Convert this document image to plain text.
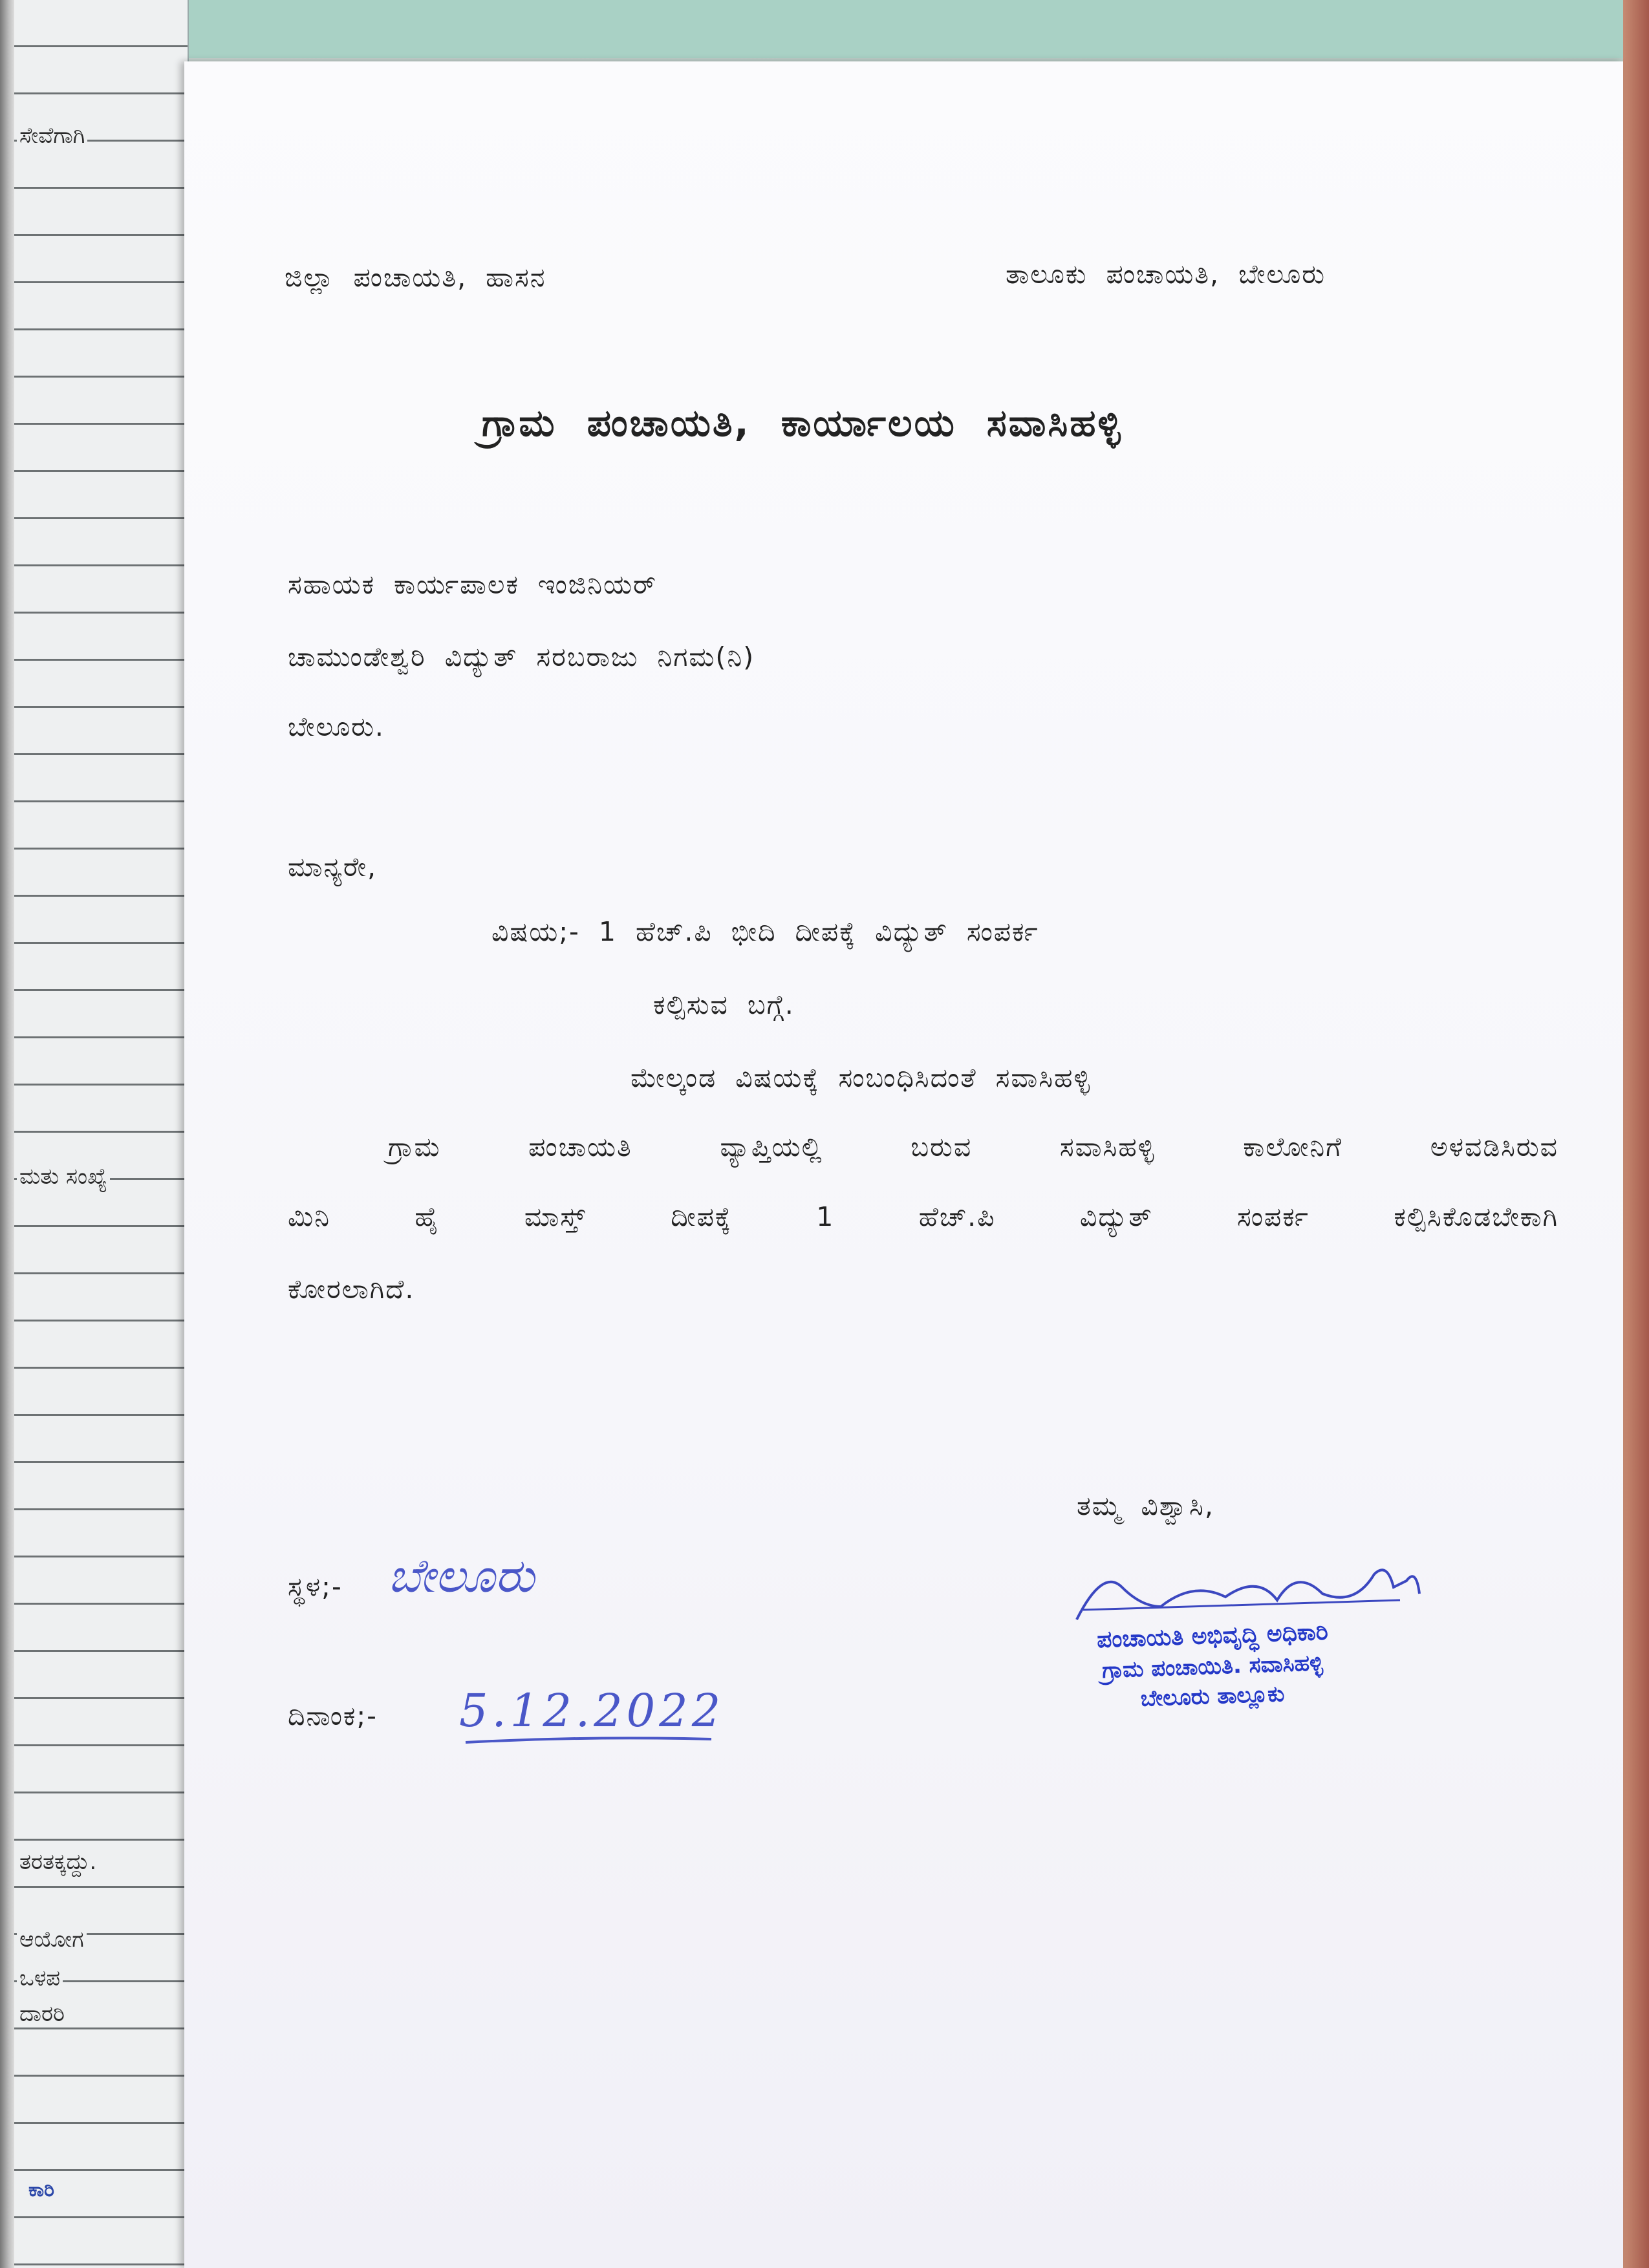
ಸೇವೆಗಾಗಿ
ಮತು ಸಂಖ್ಯೆ
ತರತಕ್ಕದ್ದು.
ಆಯೋಗ
ಒಳಪ
ದಾರರಿ
ಕಾರಿ
ಜಿಲ್ಲಾ ಪಂಚಾಯತಿ, ಹಾಸನ	ತಾಲೂಕು ಪಂಚಾಯತಿ, ಬೇಲೂರು
ಗ್ರಾಮ ಪಂಚಾಯತಿ, ಕಾರ್ಯಾಲಯ ಸವಾಸಿಹಳ್ಳಿ
ಸಹಾಯಕ ಕಾರ್ಯಪಾಲಕ ಇಂಜಿನಿಯರ್
ಚಾಮುಂಡೇಶ್ವರಿ ವಿದ್ಯುತ್ ಸರಬರಾಜು ನಿಗಮ(ನಿ)
ಬೇಲೂರು.
ಮಾನ್ಯರೇ,
ವಿಷಯ;- 1 ಹೆಚ್.ಪಿ ಭೀದಿ ದೀಪಕ್ಕೆ ವಿದ್ಯುತ್ ಸಂಪರ್ಕ
ಕಲ್ಪಿಸುವ ಬಗ್ಗೆ.
ಮೇಲ್ಕಂಡ ವಿಷಯಕ್ಕೆ ಸಂಬಂಧಿಸಿದಂತೆ ಸವಾಸಿಹಳ್ಳಿ
ಗ್ರಾಮ ಪಂಚಾಯತಿ ವ್ಯಾಪ್ತಿಯಲ್ಲಿ ಬರುವ ಸವಾಸಿಹಳ್ಳಿ ಕಾಲೋನಿಗೆ ಅಳವಡಿಸಿರುವ
ಮಿನಿ ಹೈ ಮಾಸ್ತ್ ದೀಪಕ್ಕೆ 1 ಹೆಚ್.ಪಿ ವಿದ್ಯುತ್ ಸಂಪರ್ಕ ಕಲ್ಪಿಸಿಕೊಡಬೇಕಾಗಿ
ಕೋರಲಾಗಿದೆ.
ತಮ್ಮ ವಿಶ್ವಾಸಿ,
ಸ್ಥಳ;- ಬೇಲೂರು
ದಿನಾಂಕ;- 5.12.2022
ಪಂಚಾಯತಿ ಅಭಿವೃದ್ಧಿ ಅಧಿಕಾರಿ
ಗ್ರಾಮ ಪಂಚಾಯಿತಿ. ಸವಾಸಿಹಳ್ಳಿ
ಬೇಲೂರು ತಾಲ್ಲೂಕು
